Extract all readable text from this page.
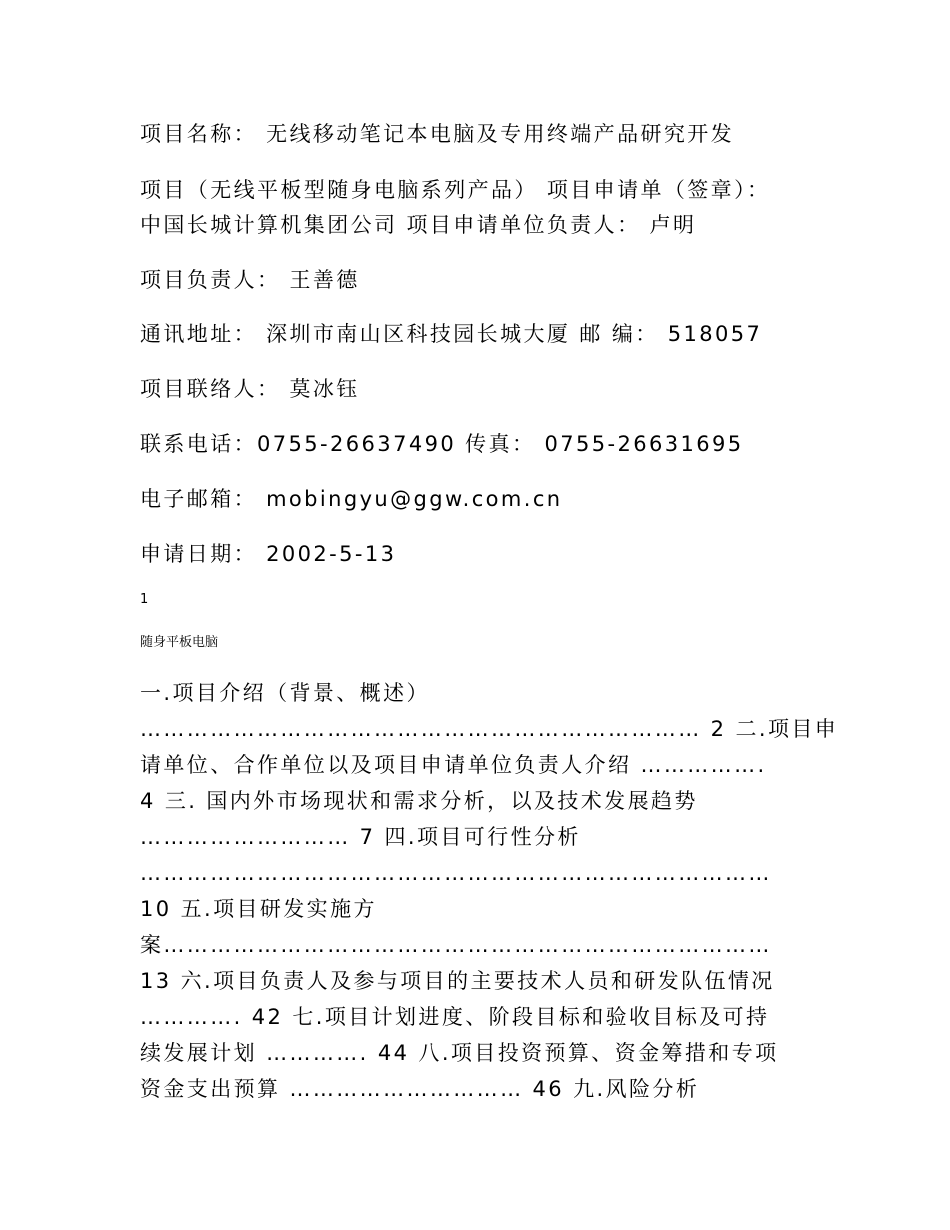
项目名称： 无线移动笔记本电脑及专用终端产品研究开发
项目（无线平板型随身电脑系列产品） 项目申请单（签章）：
中国长城计算机集团公司 项目申请单位负责人： 卢明
项目负责人： 王善德
通讯地址： 深圳市南山区科技园长城大厦 邮 编： 518057
项目联络人： 莫冰钰
联系电话：0755-26637490 传真： 0755-26631695
电子邮箱： mobingyu@ggw.com.cn
申请日期： 2002-5-13
1
随身平板电脑
一.项目介绍（背景、概述）
……………………………………………………………… 2 二.项目申
请单位、合作单位以及项目申请单位负责人介绍 …………….
4 三. 国内外市场现状和需求分析，以及技术发展趋势
……………………… 7 四.项目可行性分析
………………………………………………………………………
10 五.项目研发实施方
案……………………………………………………………………
13 六.项目负责人及参与项目的主要技术人员和研发队伍情况
…………. 42 七.项目计划进度、阶段目标和验收目标及可持
续发展计划 …………. 44 八.项目投资预算、资金筹措和专项
资金支出预算 ………………………… 46 九.风险分析
